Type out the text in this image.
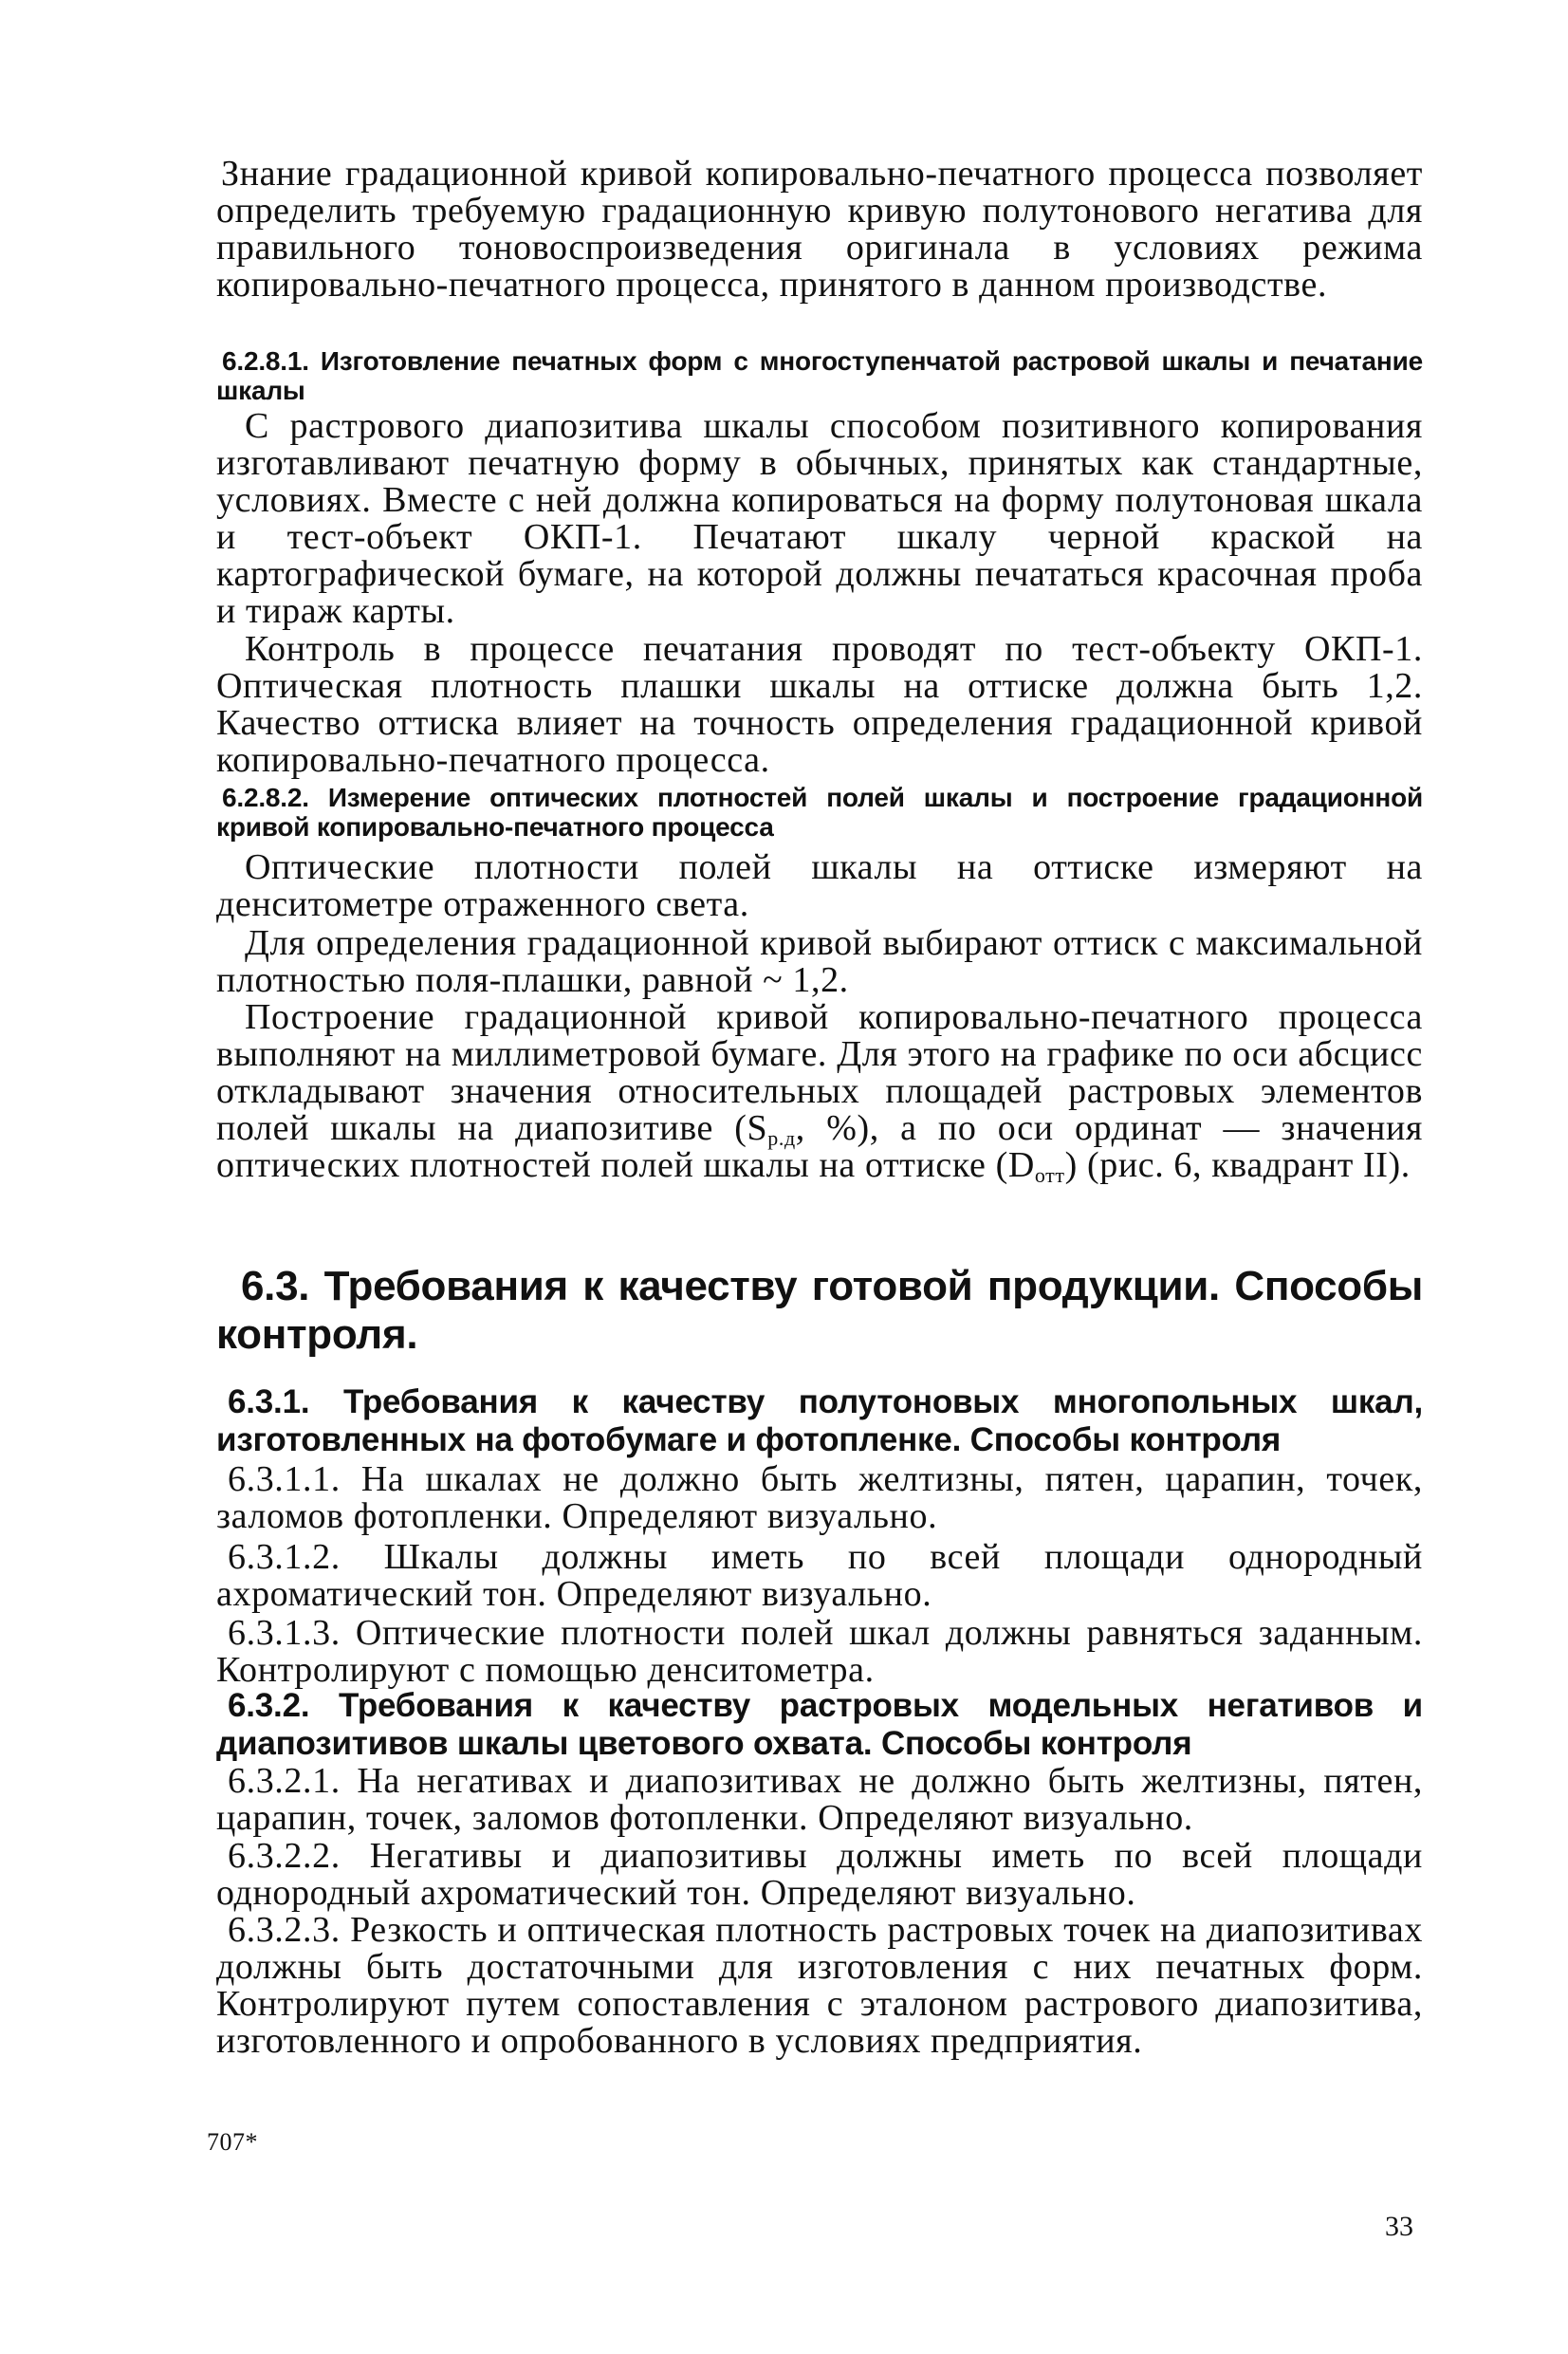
Знание градационной кривой копировально-печатного процесса позволяет определить требуемую градационную кривую полутонового негатива для правильного тоновоспроизведения оригинала в условиях режима копировально-печатного процесса, принятого в данном производстве.

6.2.8.1. Изготовление печатных форм с многоступенчатой растровой шкалы и печатание шкалы

С растрового диапозитива шкалы способом позитивного копирования изготавливают печатную форму в обычных, принятых как стандартные, условиях. Вместе с ней должна копироваться на форму полутоновая шкала и тест-объект ОКП-1. Печатают шкалу черной краской на картографической бумаге, на которой должны печататься красочная проба и тираж карты.

Контроль в процессе печатания проводят по тест-объекту ОКП-1. Оптическая плотность плашки шкалы на оттиске должна быть 1,2. Качество оттиска влияет на точность определения градационной кривой копировально-печатного процесса.

6.2.8.2. Измерение оптических плотностей полей шкалы и построение градационной кривой копировально-печатного процесса

Оптические плотности полей шкалы на оттиске измеряют на денситометре отраженного света.

Для определения градационной кривой выбирают оттиск с максимальной плотностью поля-плашки, равной ~ 1,2.

Построение градационной кривой копировально-печатного процесса выполняют на миллиметровой бумаге. Для этого на графике по оси абсцисс откладывают значения относительных площадей растровых элементов полей шкалы на диапозитиве ($S_{р.д}$, %), а по оси ординат — значения оптических плотностей полей шкалы на оттиске $(D_{отт})$ (рис. 6, квадрант II).

6.3. Требования к качеству готовой продукции. Способы контроля.

6.3.1. Требования к качеству полутоновых многопольных шкал, изготовленных на фотобумаге и фотопленке. Способы контроля

6.3.1.1. На шкалах не должно быть желтизны, пятен, царапин, точек, заломов фотопленки. Определяют визуально.

6.3.1.2. Шкалы должны иметь по всей площади однородный ахроматический тон. Определяют визуально.

6.3.1.3. Оптические плотности полей шкал должны равняться заданным. Контролируют с помощью денситометра.

6.3.2. Требования к качеству растровых модельных негативов и диапозитивов шкалы цветового охвата. Способы контроля

6.3.2.1. На негативах и диапозитивах не должно быть желтизны, пятен, царапин, точек, заломов фотопленки. Определяют визуально.

6.3.2.2. Негативы и диапозитивы должны иметь по всей площади однородный ахроматический тон. Определяют визуально.

6.3.2.3. Резкость и оптическая плотность растровых точек на диапозитивах должны быть достаточными для изготовления с них печатных форм. Контролируют путем сопоставления с эталоном растрового диапозитива, изготовленного и опробованного в условиях предприятия.

707*
33
